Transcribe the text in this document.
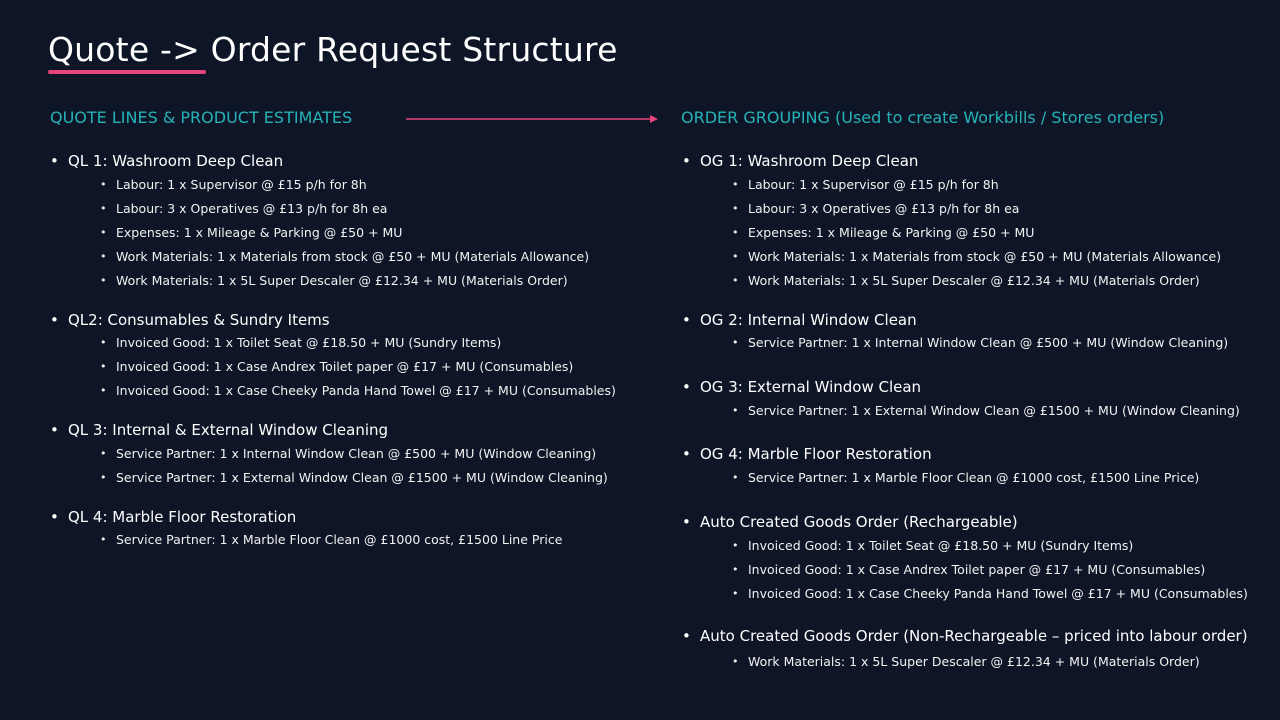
Quote -> Order Request Structure
QUOTE LINES & PRODUCT ESTIMATES	ORDER GROUPING (Used to create Workbills / Stores orders)
• QL 1: Washroom Deep Clean
• Labour: 1 x Supervisor @ £15 p/h for 8h
• Labour: 3 x Operatives @ £13 p/h for 8h ea
• Expenses: 1 x Mileage & Parking @ £50 + MU
• Work Materials: 1 x Materials from stock @ £50 + MU (Materials Allowance)
• Work Materials: 1 x 5L Super Descaler @ £12.34 + MU (Materials Order)
• QL2: Consumables & Sundry Items
• Invoiced Good: 1 x Toilet Seat @ £18.50 + MU (Sundry Items)
• Invoiced Good: 1 x Case Andrex Toilet paper @ £17 + MU (Consumables)
• Invoiced Good: 1 x Case Cheeky Panda Hand Towel @ £17 + MU (Consumables)
• QL 3: Internal & External Window Cleaning
• Service Partner: 1 x Internal Window Clean @ £500 + MU (Window Cleaning)
• Service Partner: 1 x External Window Clean @ £1500 + MU (Window Cleaning)
• QL 4: Marble Floor Restoration
• Service Partner: 1 x Marble Floor Clean @ £1000 cost, £1500 Line Price
• OG 1: Washroom Deep Clean
• Labour: 1 x Supervisor @ £15 p/h for 8h
• Labour: 3 x Operatives @ £13 p/h for 8h ea
• Expenses: 1 x Mileage & Parking @ £50 + MU
• Work Materials: 1 x Materials from stock @ £50 + MU (Materials Allowance)
• Work Materials: 1 x 5L Super Descaler @ £12.34 + MU (Materials Order)
• OG 2: Internal Window Clean
• Service Partner: 1 x Internal Window Clean @ £500 + MU (Window Cleaning)
• OG 3: External Window Clean
• Service Partner: 1 x External Window Clean @ £1500 + MU (Window Cleaning)
• OG 4: Marble Floor Restoration
• Service Partner: 1 x Marble Floor Clean @ £1000 cost, £1500 Line Price)
• Auto Created Goods Order (Rechargeable)
• Invoiced Good: 1 x Toilet Seat @ £18.50 + MU (Sundry Items)
• Invoiced Good: 1 x Case Andrex Toilet paper @ £17 + MU (Consumables)
• Invoiced Good: 1 x Case Cheeky Panda Hand Towel @ £17 + MU (Consumables)
• Auto Created Goods Order (Non-Rechargeable – priced into labour order)
• Work Materials: 1 x 5L Super Descaler @ £12.34 + MU (Materials Order)
